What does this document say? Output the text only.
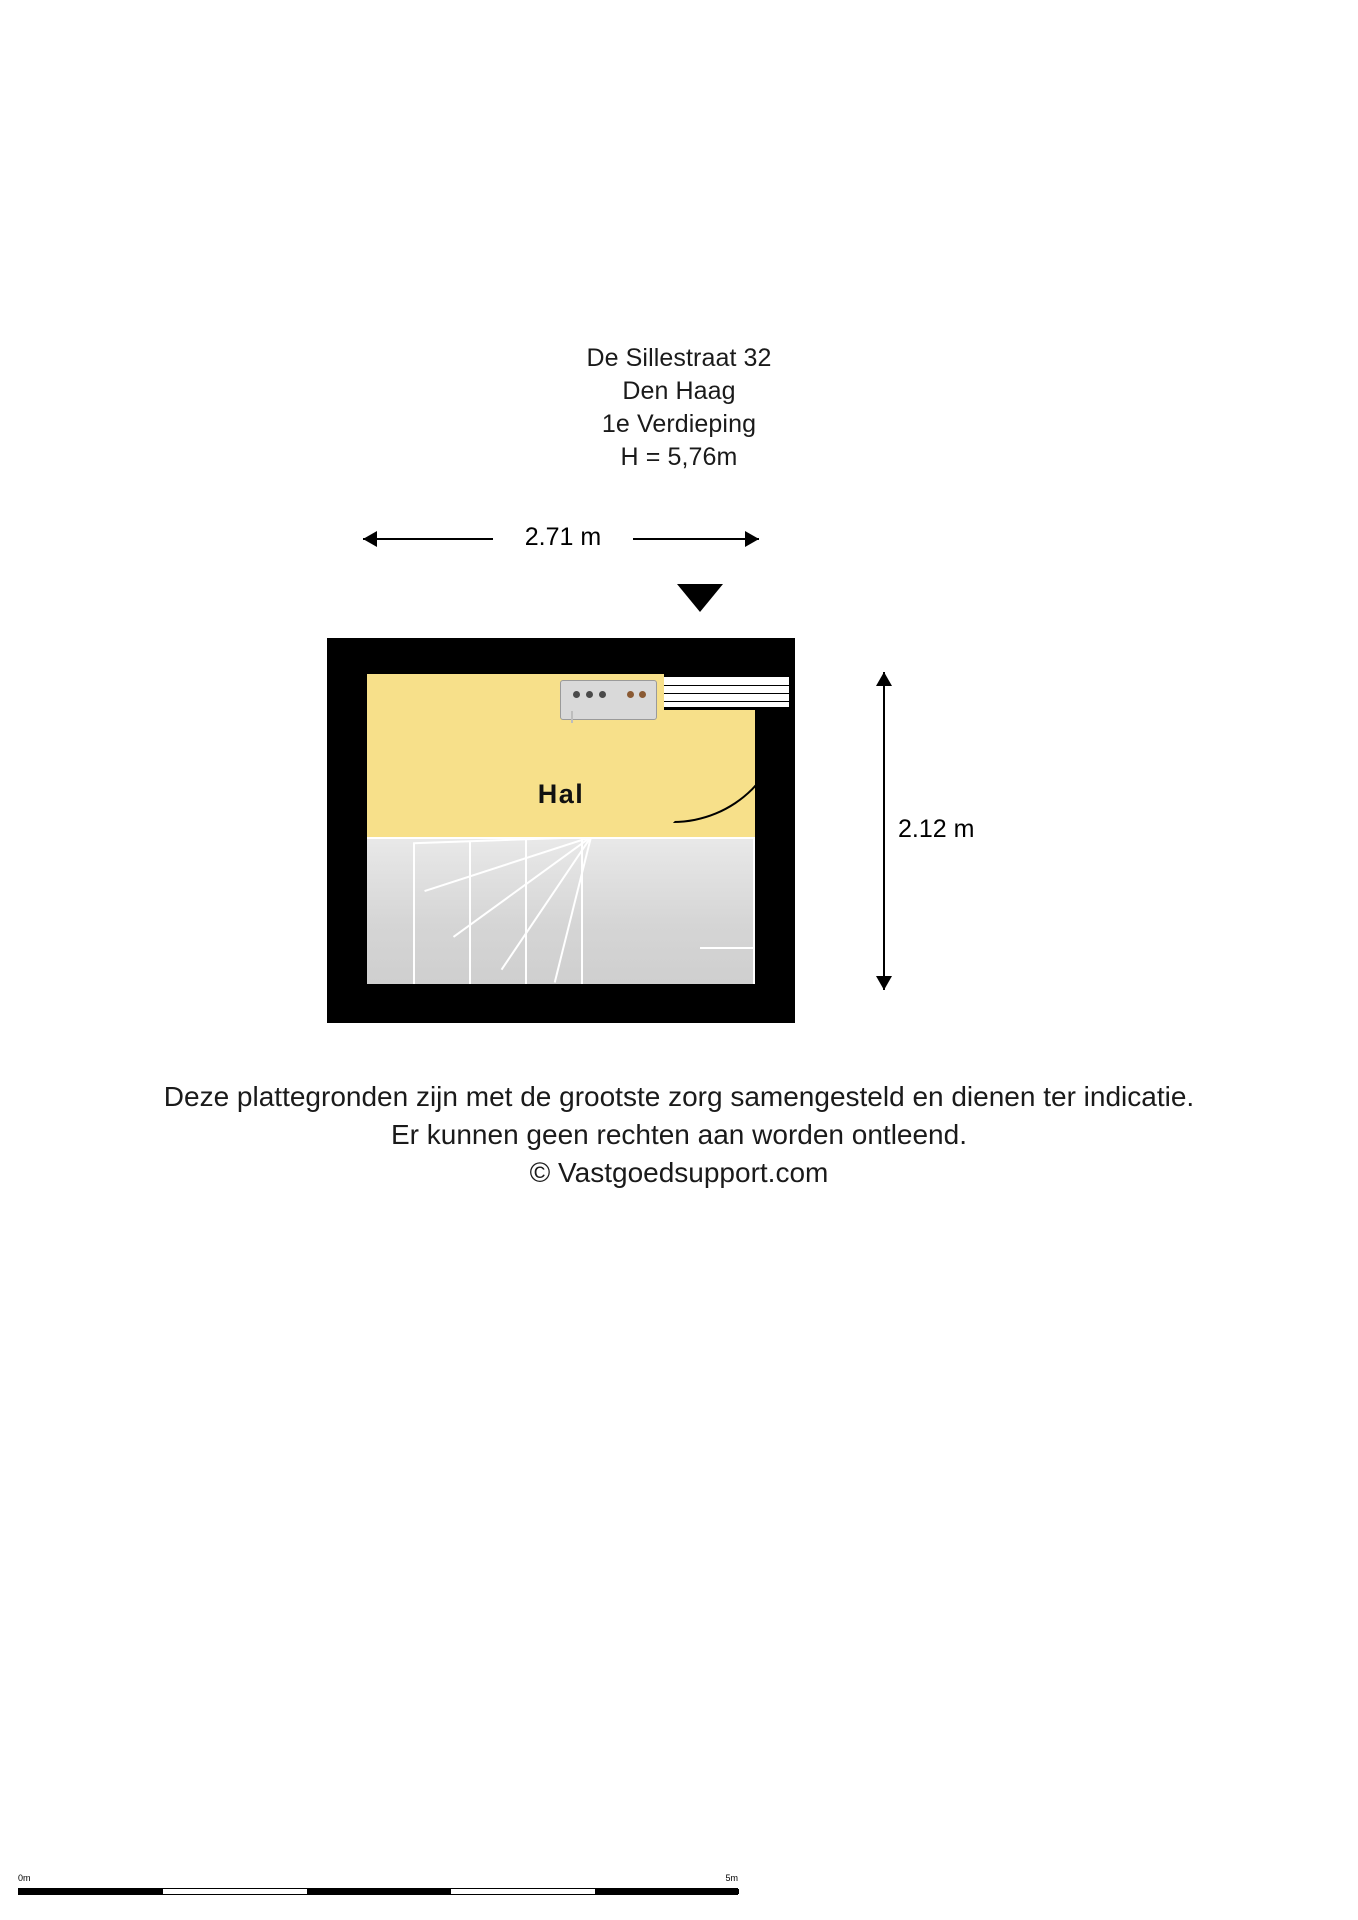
De Sillestraat 32
Den Haag
1e Verdieping
H = 5,76m
2.71 m
2.12 m
Hal
Deze plattegronden zijn met de grootste zorg samengesteld en dienen ter indicatie.
Er kunnen geen rechten aan worden ontleend.
© Vastgoedsupport.com
0m	5m
